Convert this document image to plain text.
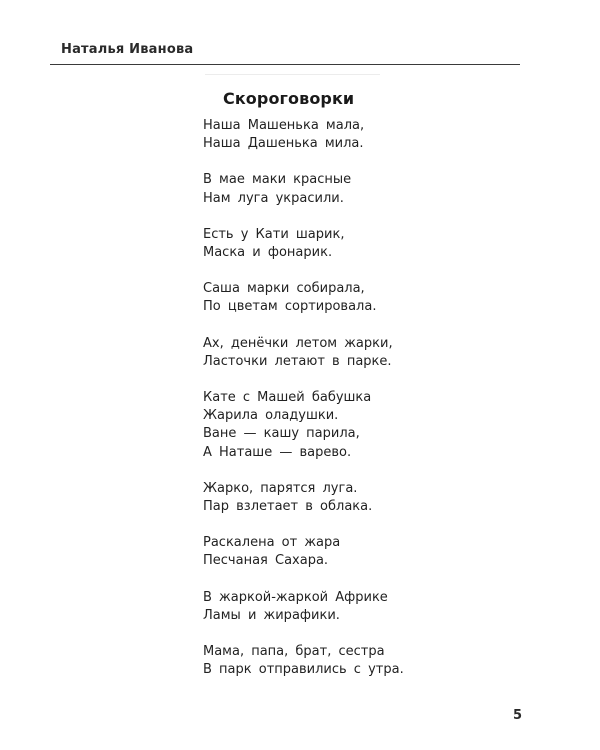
Наталья Иванова
Скороговорки
Наша Машенька мала,
Наша Дашенька мила.
В мае маки красные
Нам луга украсили.
Есть у Кати шарик,
Маска и фонарик.
Саша марки собирала,
По цветам сортировала.
Ах, денёчки летом жарки,
Ласточки летают в парке.
Кате с Машей бабушка
Жарила оладушки.
Ване — кашу парила,
А Наташе — варево.
Жарко, парятся луга.
Пар взлетает в облака.
Раскалена от жара
Песчаная Сахара.
В жаркой-жаркой Африке
Ламы и жирафики.
Мама, папа, брат, сестра
В парк отправились с утра.
5
